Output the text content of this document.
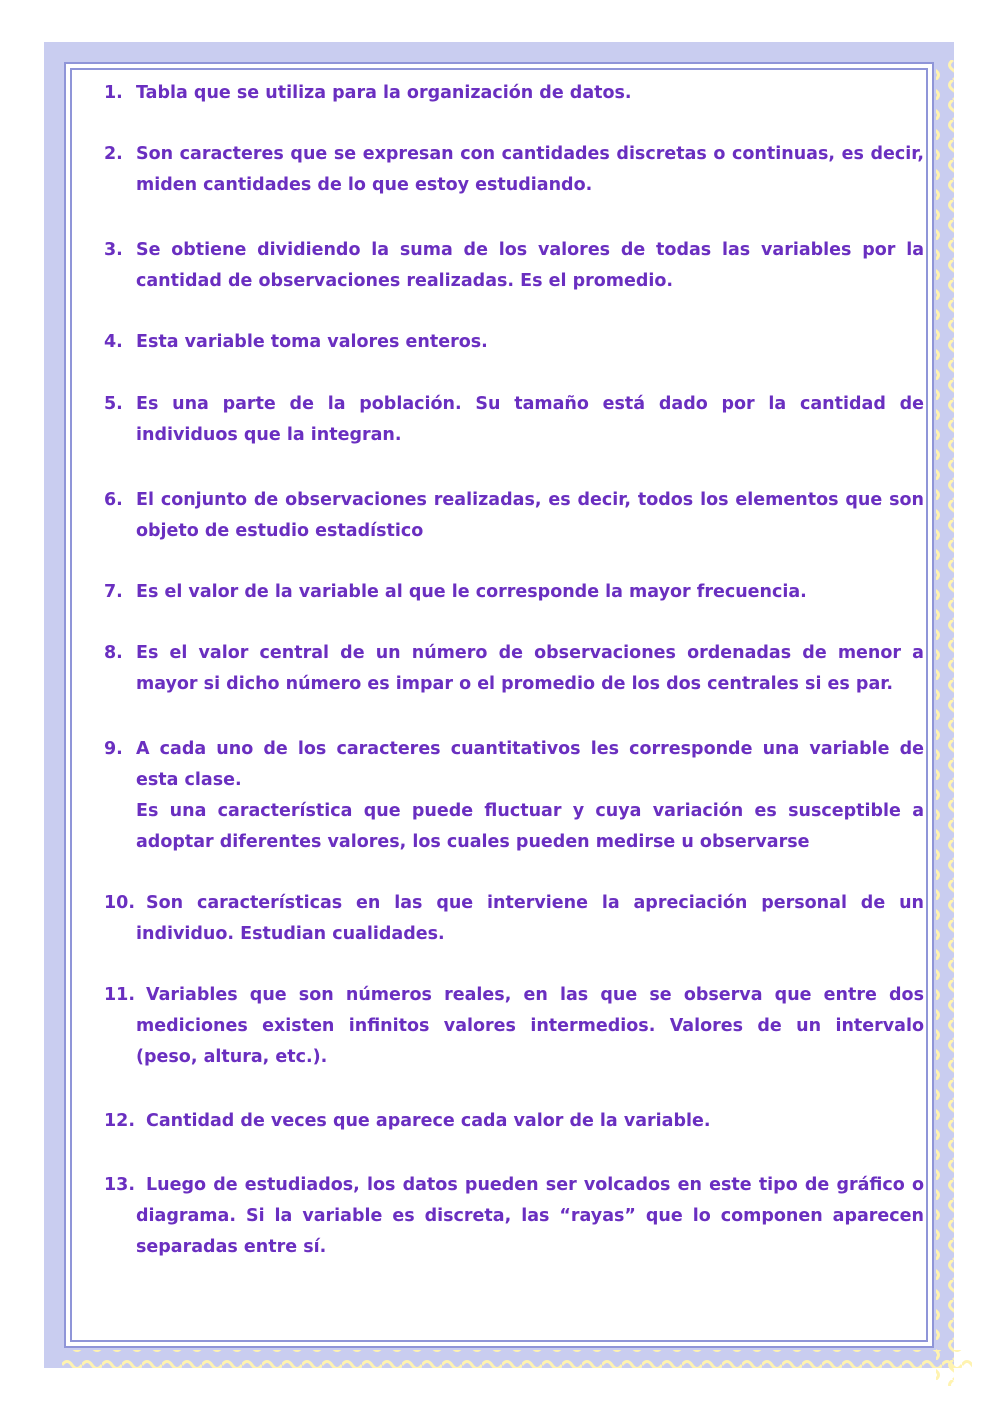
1. Tabla que se utiliza para la organización de datos.
2. Son caracteres que se expresan con cantidades discretas o continuas, es decir, miden cantidades de lo que estoy estudiando.
3. Se obtiene dividiendo la suma de los valores de todas las variables por la cantidad de observaciones realizadas. Es el promedio.
4. Esta variable toma valores enteros.
5. Es una parte de la población. Su tamaño está dado por la cantidad de individuos que la integran.
6. El conjunto de observaciones realizadas, es decir, todos los elementos que son objeto de estudio estadístico
7. Es el valor de la variable al que le corresponde la mayor frecuencia.
8. Es el valor central de un número de observaciones ordenadas de menor a mayor si dicho número es impar o el promedio de los dos centrales si es par.
9. A cada uno de los caracteres cuantitativos les corresponde una variable de esta clase.
Es una característica que puede fluctuar y cuya variación es susceptible a adoptar diferentes valores, los cuales pueden medirse u observarse
10. Son características en las que interviene la apreciación personal de un individuo. Estudian cualidades.
11. Variables que son números reales, en las que se observa que entre dos mediciones existen infinitos valores intermedios. Valores de un intervalo (peso, altura, etc.).
12. Cantidad de veces que aparece cada valor de la variable.
13. Luego de estudiados, los datos pueden ser volcados en este tipo de gráfico o diagrama. Si la variable es discreta, las “rayas” que lo componen aparecen separadas entre sí.
